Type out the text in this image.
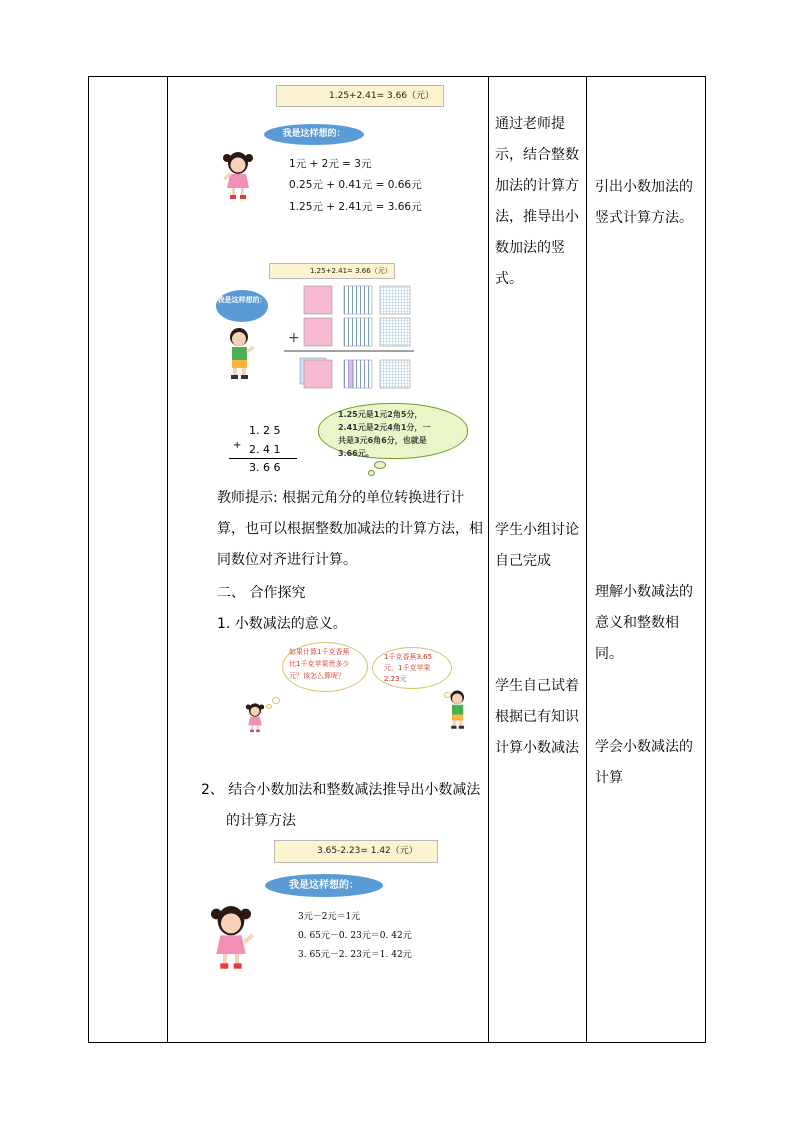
1.25+2.41= 3.66（元）
我是这样想的：
1元 + 2元 = 3元
0.25元 + 0.41元 = 0.66元
1.25元 + 2.41元 = 3.66元
1.25+2.41= 3.66（元）
我是这样想的：
+
1. 2 5
+ 2. 4 1
3. 6 6
1.25元是1元2角5分，2.41元是2元4角1分，一共是3元6角6分，也就是3.66元。
教师提示: 根据元角分的单位转换进行计算，也可以根据整数加减法的计算方法，相同数位对齐进行计算。
二、 合作探究
1. 小数减法的意义。
如果计算1千克香蕉比1千克苹果贵多少元？该怎么算呢？
1千克香蕉3.65元，1千克苹果2.23元
2、 结合小数加法和整数减法推导出小数减法
的计算方法
3.65-2.23= 1.42（元）
我是这样想的：
3元－2元＝1元
0. 65元－0. 23元＝0. 42元
3. 65元－2. 23元＝1. 42元
通过老师提示，结合整数加法的计算方法，推导出小数加法的竖式。
学生小组讨论自己完成
学生自己试着根据已有知识计算小数减法
引出小数加法的竖式计算方法。
理解小数减法的意义和整数相同。
学会小数减法的计算
